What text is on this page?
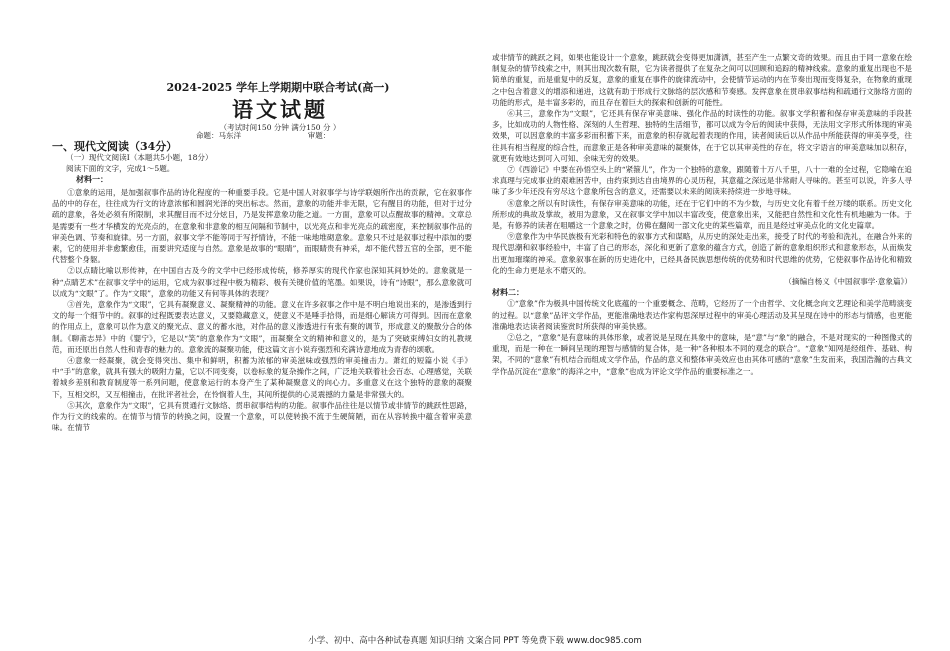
2024-2025 学年上学期期中联合考试(高一)
语文试题
（考试时间150 分钟 满分150 分 ）
命题：马东洋	审题：
一、现代文阅读（34分）
（一）现代文阅读Ⅰ（本题共5小题，18分）
阅读下面的文字，完成1～5题。
材料一：

①意象的运用，是加强叙事作品的诗化程度的一种重要手段。它是中国人对叙事学与诗学联姻所作出的贡献，它在叙事作品的中的存在，往往成为行文的诗意浓郁和圆润光泽的突出标志。然而，意象的功能并非无限，它有醒目的功能，但对于过分疏的意象，各处必须有所限制，求其醒目而不过分炫目，乃是发挥意象功能之道。一方面，意象可以点醒故事的精神。文章总是需要有一些才华横发的光亮点的，在意象和非意象的相互间隔和节制中，以光亮点和非光亮点的疏密度，来控制叙事作品的审美色调、节奏和旋律。另一方面，叙事文学不能等同于写抒情诗，不能一味地堆砌意象。意象只不过是叙事过程中添加的要素，它的使用并非愈繁愈佳，而要讲究适度与自然。意象是故事的“眼睛”，而眼睛贵有神采，却不能代替五官的全部，更不能代替整个身躯。

②以点睛比喻以形传神，在中国自古及今的文学中已经形成传统，修养厚实的现代作家也深知其间妙处的。意象就是一种“点睛艺术”在叙事文学中的运用，它成为叙事过程中极为精彩、极有关键价值的笔墨。如果说，诗有“诗眼”，那么意象就可以成为“文眼”了。作为“文眼”，意象的功能又有何等具体的表现？

③首先，意象作为“文眼”，它具有凝聚意义、凝聚精神的功能。意义在许多叙事之作中是不明白地说出来的，是渗透到行文的每一个细节中的。叙事的过程既要表达意义，又要隐藏意义，使意义不是唾手拾得，而是细心解读方可得到。因而在意象的作用点上，意象可以作为意义的聚光点、意义的蓄水池，对作品的意义渗透进行有张有聚的调节，形成意义的聚散分合的体制。《聊斋志异》中的《婴宁》，它是以“笑”的意象作为“文眼”，而凝聚全文的精神和意义的，是为了突破束缚妇女的礼教规范，而还原出自然人性和青春的魅力的。意象流的凝聚功能，使这篇文言小说弃强烈和充满诗意地成为青春的颂歌。

④意象一经凝聚，就会变得突出、集中和鲜明，积蓄为浓郁的审美滋味或强烈的审美撞击力。萧红的短篇小说《手》中“手”的意象，就具有强大的吸附力量，它以不同变奏，以卷标象的复杂操作之间，广泛地关联着社会百态、心理感觉，关联着城乡差别和教育制度等一系列问题，使意象运行的本身产生了某种凝聚意义的向心力。多重意义在这个独特的意象的凝聚下，互相交织，又互相撞击，在批评者社会，在怜悯着人生，其间所提供的心灵震撼的力量是非常强大的。

⑤其次，意象作为“文眼”，它具有贯通行文脉络、贯串叙事结构的功能。叙事作品往往是以情节或非情节的跳跃性思路，作为行文的线索的。在情节与情节的转换之间，设置一个意象，可以使转换不流于生硬简陋，而在从容转换中蕴含着审美意味。在情节

或非情节的跳跃之间，如果也能设计一个意象，跳跃就会变得更加潇洒，甚至产生一点繁文奇的效果。而且由于同一意象在绘制复杂的情节线索之中，则其出现次数有限，它为读者提供了在复杂之间可以回顾和追踪的精神线索。意象的重复出现也不是简单的重复，而是重复中的反复，意象的重复在事件的旋律流动中，会使情节运动的内在节奏出现而变得复杂，在物象的重现之中包含着意义的增添和递进，这就有助于形成行文脉络的层次感和节奏感。发挥意象在贯串叙事结构和疏通行文脉络方面的功能的形式，是丰富多彩的，而且存在着巨大的探索和创新的可能性。

⑥其三，意象作为“文眼”，它还具有保存审美意味、强化作品的时读性的功能。叙事文学积蓄和保存审美意味的手段甚多，比如成功的人物性格、深刻的人生哲理、独特的生活细节，都可以成为令后的阅读中获得，无法用文字形式所体现的审美效果，可以因意象的丰富多彩而积蓄下来，而意象的积存就起着表现的作用，读者阅读后以从作品中所能获得的审美享受，往往具有相当程度的综合性，而意象正是各种审美意味的凝聚体，在于它以其审美性的存在，将文字语言的审美意味加以积存，就更有效地达到可入可知、余味无穷的效果。

⑦《西游记》中要在孙悟空头上的“紧箍儿”，作为一个独特的意象，跟随着十万八千里，八十一难的全过程，它隐喻在追求真理与完成事业的艰难困苦中，由约束到达自由境界的心灵历程，其意蕴之深远是非常耐人寻味的。甚至可以说，许多人寻味了多少年还没有穷尽这个意象所包含的意义，还需要以未来的阅读来持续进一步地寻味。

⑧意象之所以有时读性，有保存审美意味的功能，还在于它们中的不为少数，与历史文化有着千丝万缕的联系。历史文化所形成的典故及掌故，被用为意象，又在叙事文学中加以丰富改变，使意象出来，又能把自然性和文化性有机地融为一体。于是，有修养的读者在咀嚼这一个意象之时，仿佛在翻阅一部文化史的某些篇章，而且是经过审美点化的文化史篇章。

⑨意象作为中华民族极有光彩和特色的叙事方式和谋略，从历史的深处走出来，接受了时代的考验和洗礼，在融合外来的现代思潮和叙事经验中，丰富了自己的形态，深化和更新了意象的蕴含方式，创造了新的意象组织形式和意象形态，从而焕发出更加璀璨的神采。意象叙事在新的历史进化中，已经具备民族思想传统的优势和时代思维的优势，它使叙事作品诗化和精致化的生命力更是永不磨灭的。

（摘编自杨义《中国叙事学·意象篇》）
材料二：

①“意象”作为极具中国传统文化底蕴的一个重要概念、范畴，它经历了一个由哲学、文化概念向文艺理论和美学范畴演变的过程。以“意象”品评文学作品，更能准确地表达作家构思深厚过程中的审美心理活动及其呈现在诗中的形态与情感，也更能准确地表达读者阅读鉴赏时所获得的审美快感。

②总之，“意象”是有意味的具体形象，或者说是呈现在具象中的意味，是“意”与“象”的融合，不是对现实的一种图像式的重现，而是一种在一瞬间呈现的理智与感情的复合体，是一种“各种根本不同的观念的联合”。“意象”知网是经组件、基础、构架，不同的“意象”有机结合而组成文学作品，作品的意义和整体审美效应也由其体可感的“意象”生发而来，我国浩瀚的古典文学作品沉淀在“意象”的海洋之中，“意象”也成为评论文学作品的重要标准之一。

小学、初中、高中各种试卷真题 知识归纳 文案合同 PPT 等免费下载 www.doc985.com
